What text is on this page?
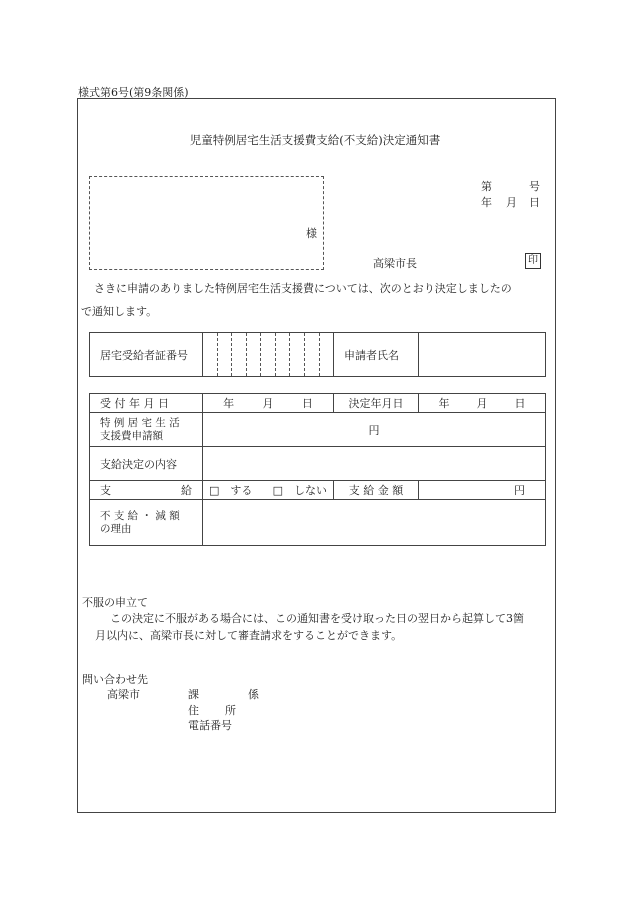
様式第6号(第9条関係)
児童特例居宅生活支援費支給(不支給)決定通知書
様
第	号
年 月 日
高梁市長	印
さきに申請のありました特例居宅生活支援費については、次のとおり決定しましたの
で通知します。
居宅受給者証番号		申請者氏名	
受 付 年 月 日	年 月 日	決定年月日	年 月 日

特 例 居 宅 生 活
支援費申請額	円		
支給決定の内容			

支 給	□　する □　しない	支 給 金 額	円
不 支 給 ・ 減 額
の理由			
不服の申立て
この決定に不服がある場合には、この通知書を受け取った日の翌日から起算して3箇
月以内に、高梁市長に対して審査請求をすることができます。
問い合わせ先
高梁市	課	係
住 所
電話番号
